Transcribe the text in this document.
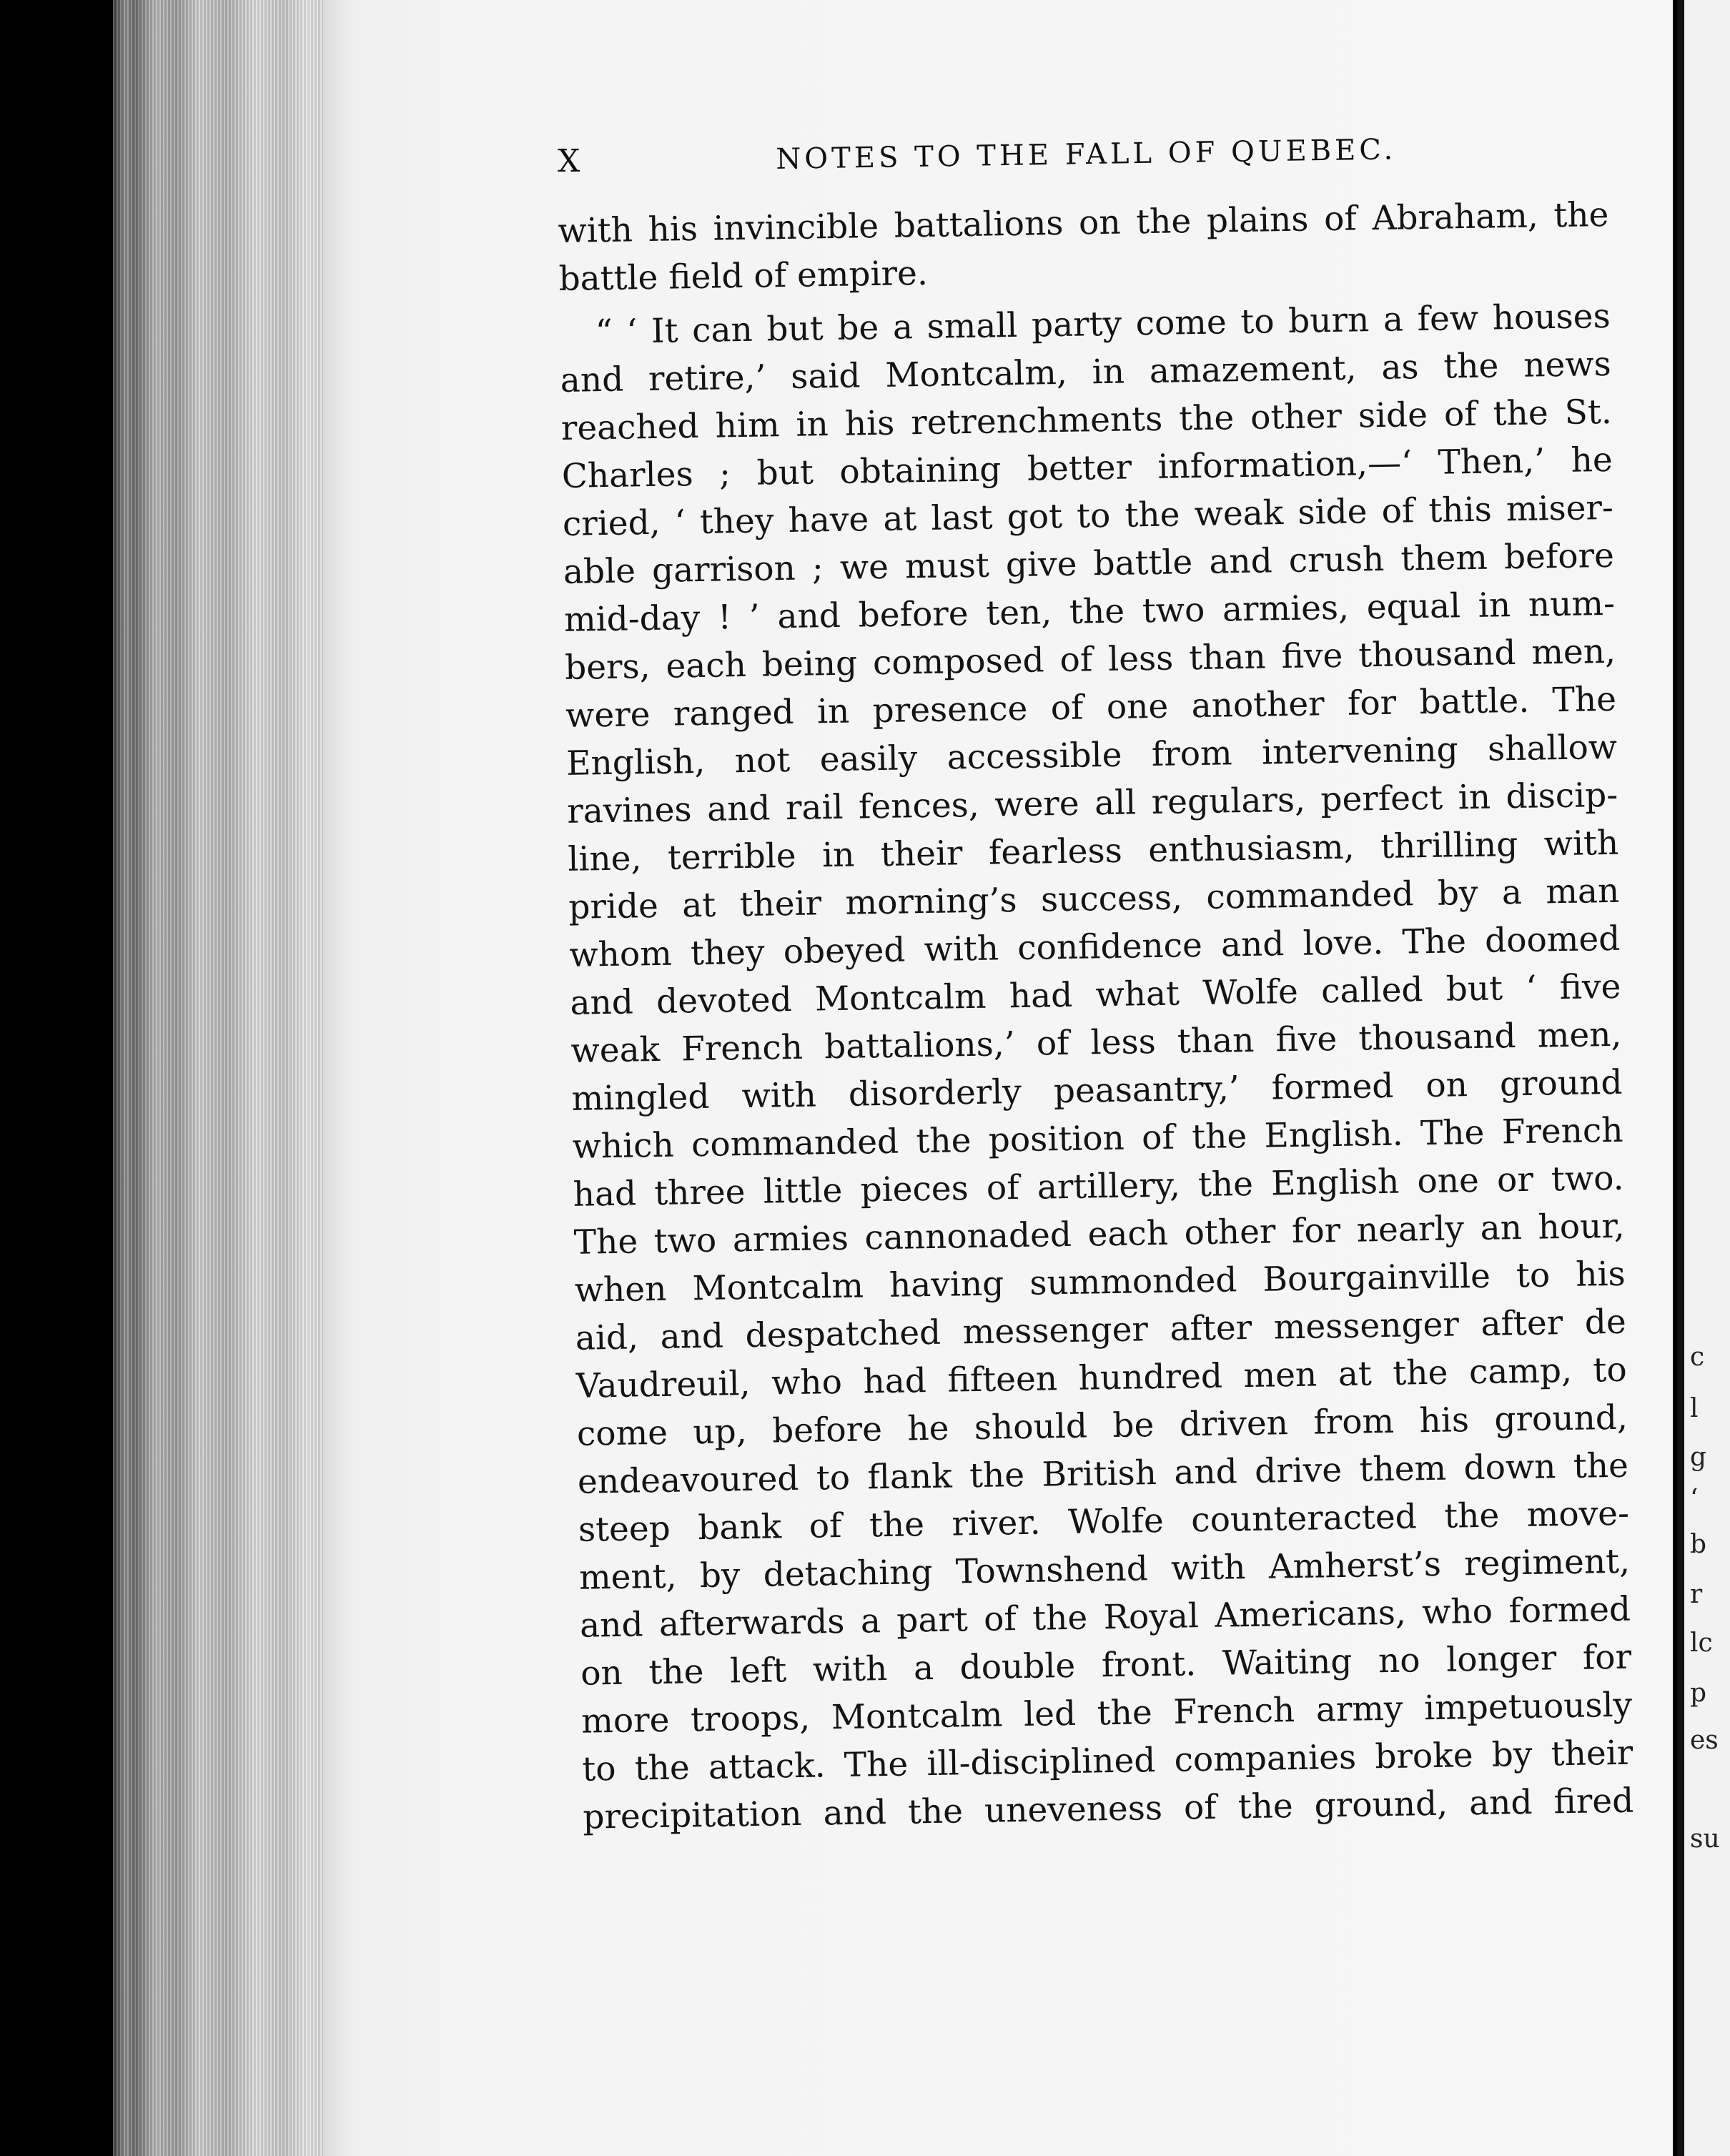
c
l
g
‘
b
r
lc
p
es
su
X	NOTES TO THE FALL OF QUEBEC.
with his invincible battalions on the plains of Abraham, the
battle field of empire.
“ ‘ It can but be a small party come to burn a few houses
and retire,’ said Montcalm, in amazement, as the news
reached him in his retrenchments the other side of the St.
Charles ; but obtaining better information,—‘ Then,’ he
cried, ‘ they have at last got to the weak side of this miser-
able garrison ; we must give battle and crush them before
mid-day ! ’ and before ten, the two armies, equal in num-
bers, each being composed of less than five thousand men,
were ranged in presence of one another for battle. The
English, not easily accessible from intervening shallow
ravines and rail fences, were all regulars, perfect in discip-
line, terrible in their fearless enthusiasm, thrilling with
pride at their morning’s success, commanded by a man
whom they obeyed with confidence and love. The doomed
and devoted Montcalm had what Wolfe called but ‘ five
weak French battalions,’ of less than five thousand men,
mingled with disorderly peasantry,’ formed on ground
which commanded the position of the English. The French
had three little pieces of artillery, the English one or two.
The two armies cannonaded each other for nearly an hour,
when Montcalm having summonded Bourgainville to his
aid, and despatched messenger after messenger after de
Vaudreuil, who had fifteen hundred men at the camp, to
come up, before he should be driven from his ground,
endeavoured to flank the British and drive them down the
steep bank of the river. Wolfe counteracted the move-
ment, by detaching Townshend with Amherst’s regiment,
and afterwards a part of the Royal Americans, who formed
on the left with a double front. Waiting no longer for
more troops, Montcalm led the French army impetuously
to the attack. The ill-disciplined companies broke by their
precipitation and the uneveness of the ground, and fired
